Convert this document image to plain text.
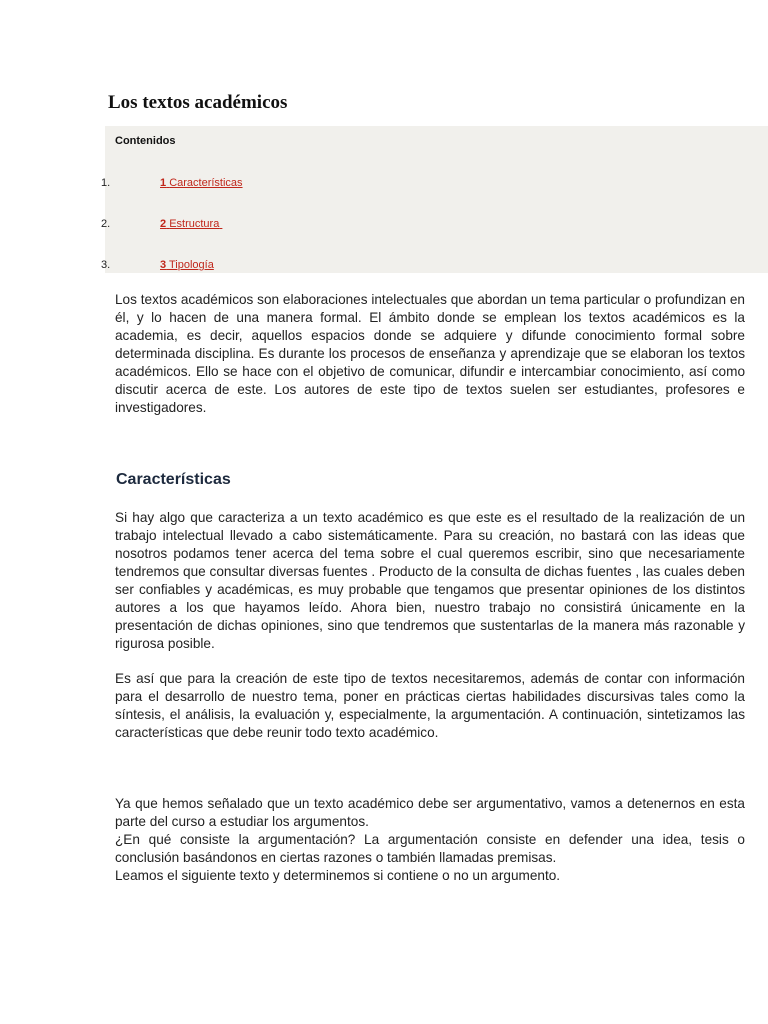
Los textos académicos
Contenidos
1.	1 Características
2.	2 Estructura
3.	3 Tipología

Los textos académicos son elaboraciones intelectuales que abordan un tema particular o profundizan en él, y lo hacen de una manera formal. El ámbito donde se emplean los textos académicos es la academia, es decir, aquellos espacios donde se adquiere y difunde conocimiento formal sobre determinada disciplina. Es durante los procesos de enseñanza y aprendizaje que se elaboran los textos académicos. Ello se hace con el objetivo de comunicar, difundir e intercambiar conocimiento, así como discutir acerca de este. Los autores de este tipo de textos suelen ser estudiantes, profesores e investigadores.

Características

Si hay algo que caracteriza a un texto académico es que este es el resultado de la realización de un trabajo intelectual llevado a cabo sistemáticamente. Para su creación, no bastará con las ideas que nosotros podamos tener acerca del tema sobre el cual queremos escribir, sino que necesariamente tendremos que consultar diversas fuentes . Producto de la consulta de dichas fuentes , las cuales deben ser confiables y académicas, es muy probable que tengamos que presentar opiniones de los distintos autores a los que hayamos leído. Ahora bien, nuestro trabajo no consistirá únicamente en la presentación de dichas opiniones, sino que tendremos que sustentarlas de la manera más razonable y rigurosa posible.

Es así que para la creación de este tipo de textos necesitaremos, además de contar con información para el desarrollo de nuestro tema, poner en prácticas ciertas habilidades discursivas tales como la síntesis, el análisis, la evaluación y, especialmente, la argumentación. A continuación, sintetizamos las características que debe reunir todo texto académico.

Ya que hemos señalado que un texto académico debe ser argumentativo, vamos a detenernos en esta parte del curso a estudiar los argumentos.
¿En qué consiste la argumentación? La argumentación consiste en defender una idea, tesis o conclusión basándonos en ciertas razones o también llamadas premisas.
Leamos el siguiente texto y determinemos si contiene o no un argumento.
